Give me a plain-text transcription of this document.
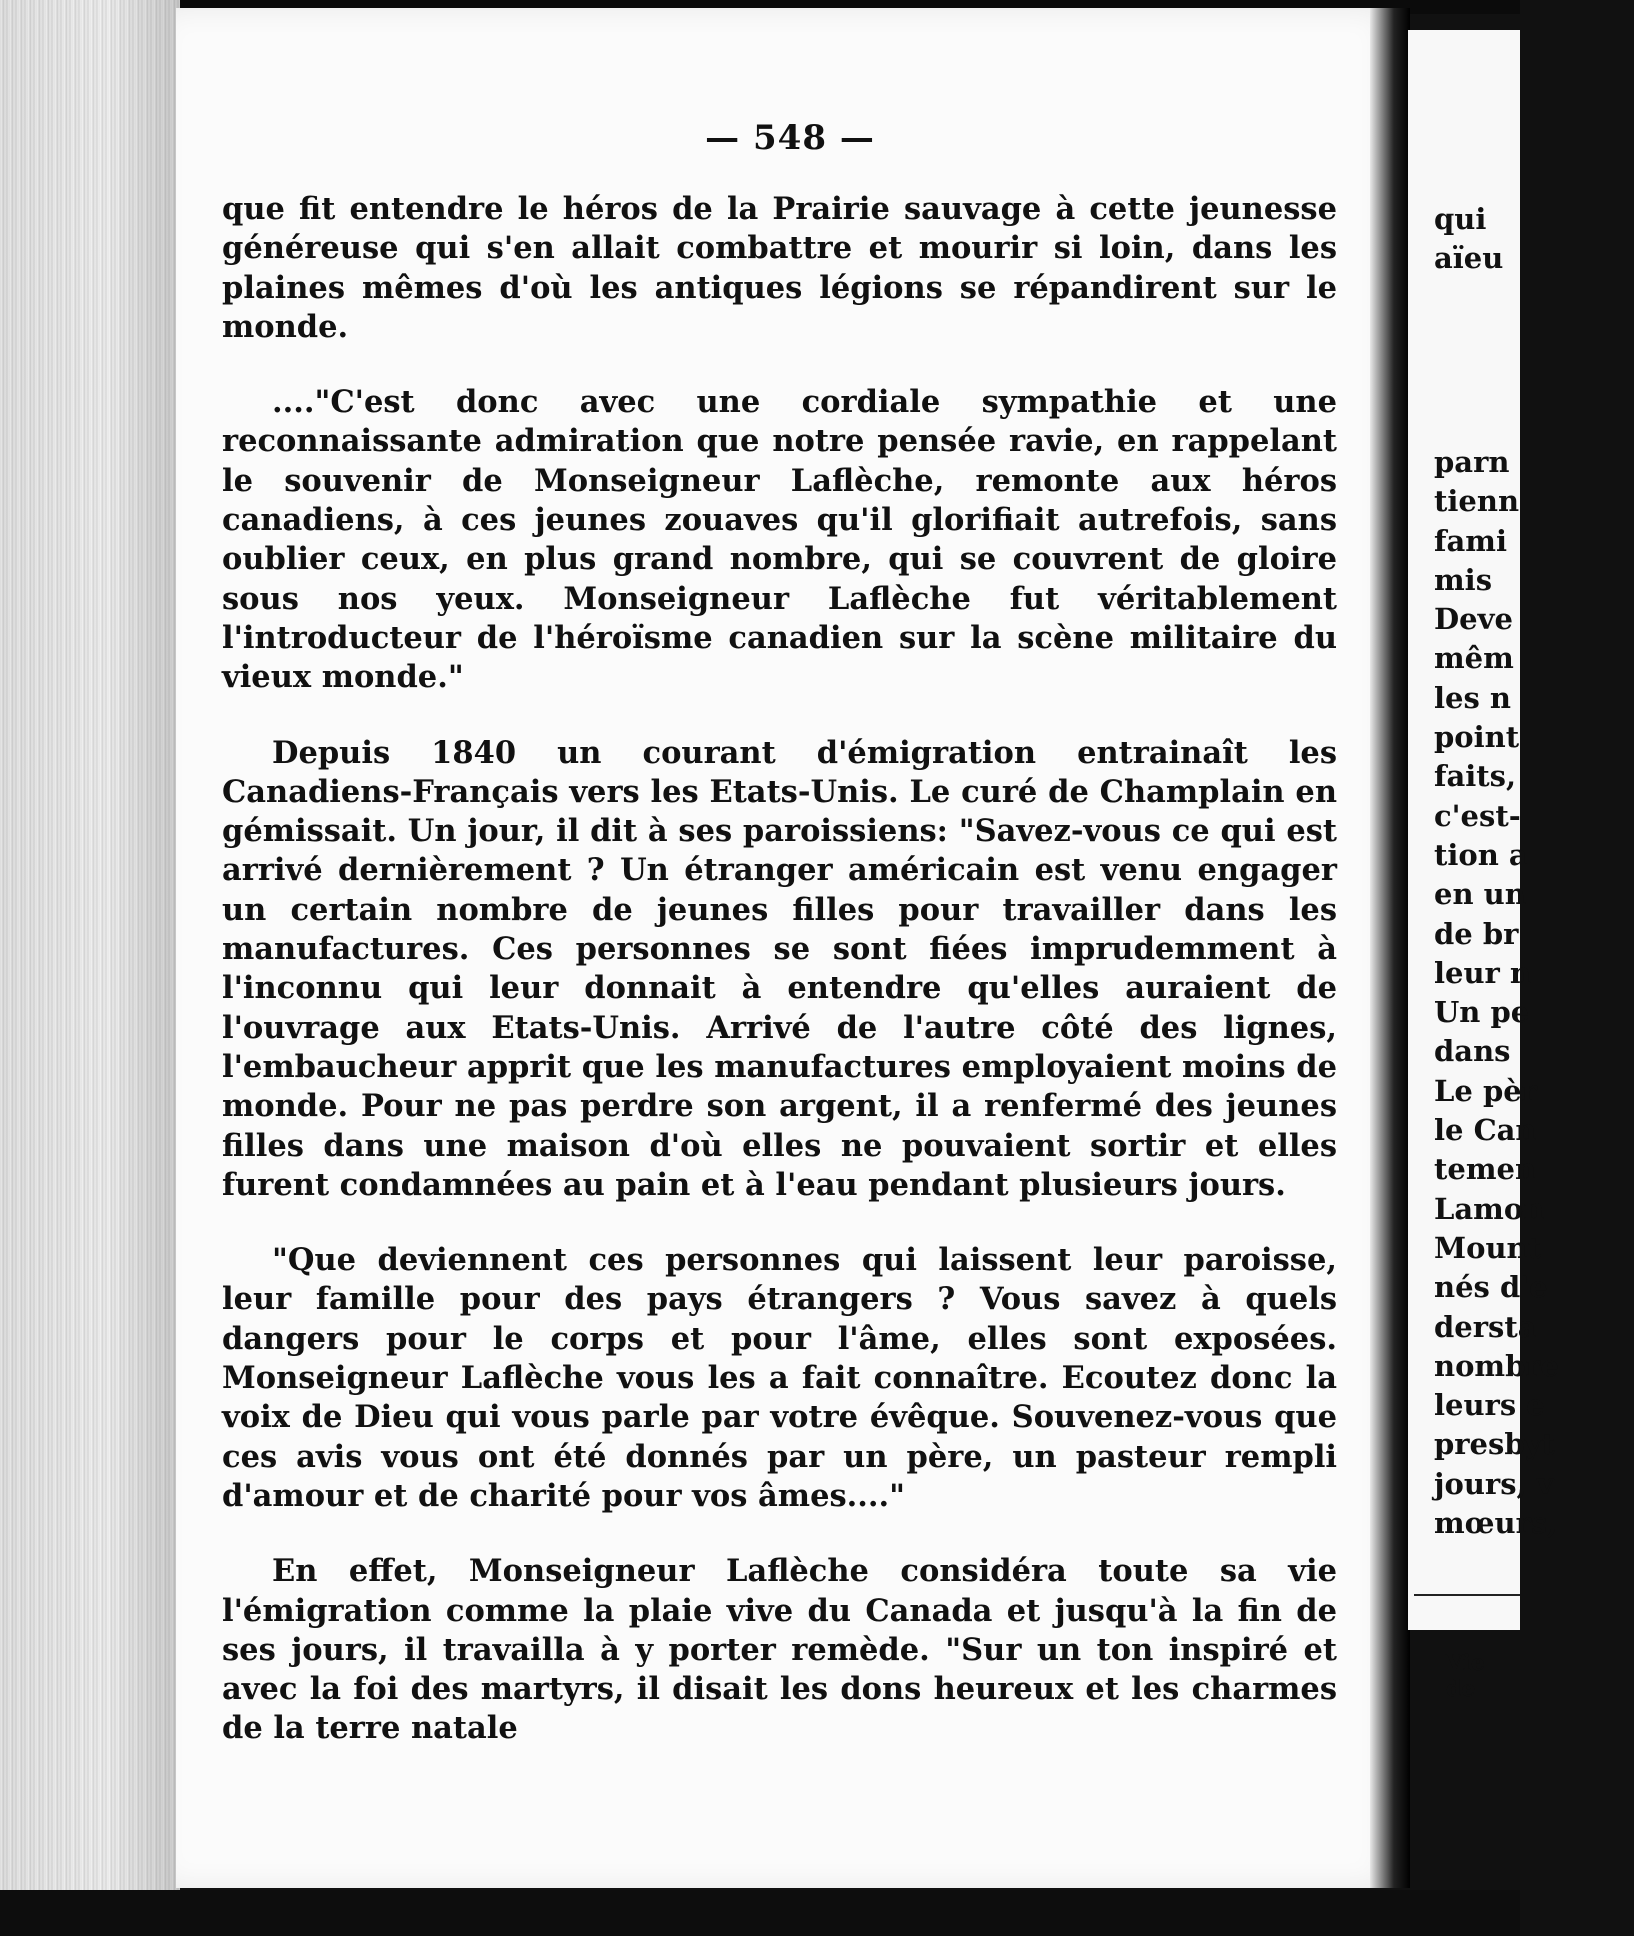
— 548 —

que fit entendre le héros de la Prairie sauvage à cette jeunesse généreuse qui s'en allait combattre et mourir si loin, dans les plaines mêmes d'où les antiques légions se répandirent sur le monde.

...."C'est donc avec une cordiale sympathie et une reconnaissante admiration que notre pensée ravie, en rappelant le souvenir de Monseigneur Laflèche, remonte aux héros canadiens, à ces jeunes zouaves qu'il glorifiait autrefois, sans oublier ceux, en plus grand nombre, qui se couvrent de gloire sous nos yeux. Monseigneur Laflèche fut véritablement l'introducteur de l'héroïsme canadien sur la scène militaire du vieux monde."

Depuis 1840 un courant d'émigration entrainaît les Canadiens-Français vers les Etats-Unis. Le curé de Champlain en gémissait. Un jour, il dit à ses paroissiens: "Savez-vous ce qui est arrivé dernièrement ? Un étranger américain est venu engager un certain nombre de jeunes filles pour travailler dans les manufactures. Ces personnes se sont fiées imprudemment à l'inconnu qui leur donnait à entendre qu'elles auraient de l'ouvrage aux Etats-Unis. Arrivé de l'autre côté des lignes, l'embaucheur apprit que les manufactures employaient moins de monde. Pour ne pas perdre son argent, il a renfermé des jeunes filles dans une maison d'où elles ne pouvaient sortir et elles furent condamnées au pain et à l'eau pendant plusieurs jours.

"Que deviennent ces personnes qui laissent leur paroisse, leur famille pour des pays étrangers ? Vous savez à quels dangers pour le corps et pour l'âme, elles sont exposées. Monseigneur Laflèche vous les a fait connaître. Ecoutez donc la voix de Dieu qui vous parle par votre évêque. Souvenez-vous que ces avis vous ont été donnés par un père, un pasteur rempli d'amour et de charité pour vos âmes...."

En effet, Monseigneur Laflèche considéra toute sa vie l'émigration comme la plaie vive du Canada et jusqu'à la fin de ses jours, il travailla à y porter remède. "Sur un ton inspiré et avec la foi des martyrs, il disait les dons heureux et les charmes de la terre natale

qui
aïeu
parn
tienn
fami
mis
Deve
mêm
les n
point
faits,
c'est-
tion a
en un
de br
leur n
Un pe
dans
Le pèr
le Can
temen
Lamon
Mount
nés d'e
dersta
nombre
leurs e
presbyt
jours, v
mœurs,
Vie de
